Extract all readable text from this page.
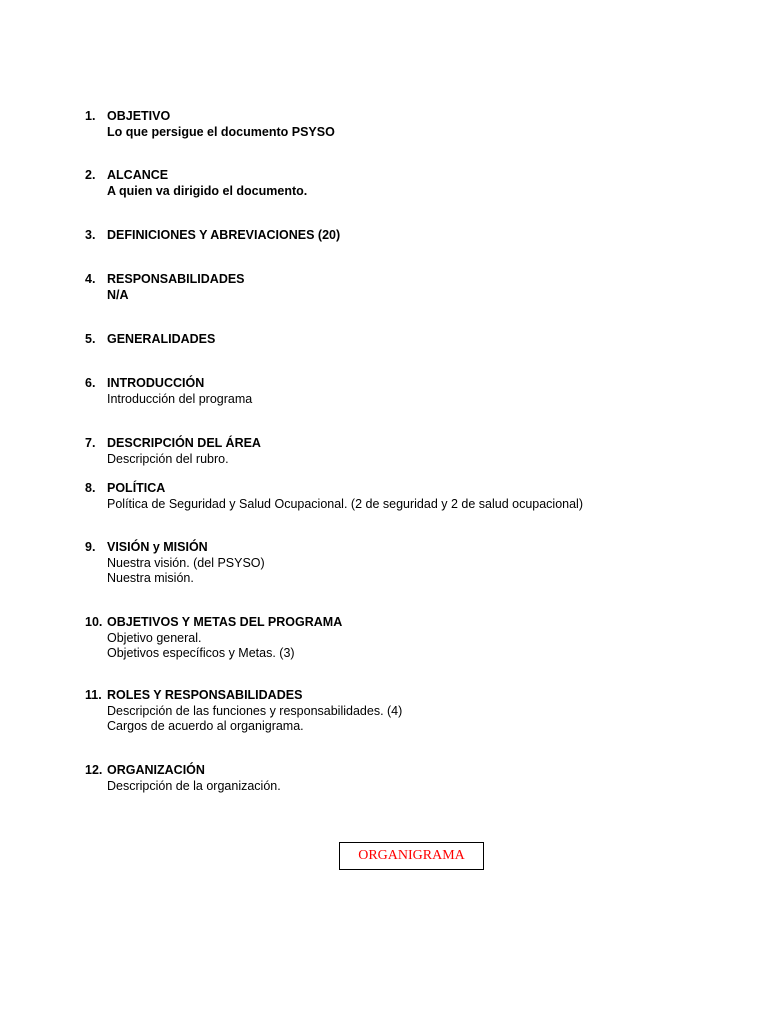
1. OBJETIVO
Lo que persigue el documento PSYSO
2. ALCANCE
A quien va dirigido el documento.
3. DEFINICIONES Y ABREVIACIONES (20)
4. RESPONSABILIDADES
N/A
5. GENERALIDADES
6. INTRODUCCIÓN
Introducción del programa
7. DESCRIPCIÓN DEL ÁREA
Descripción del rubro.
8. POLÍTICA
Política de Seguridad y Salud Ocupacional. (2 de seguridad y 2 de salud ocupacional)
9. VISIÓN y MISIÓN
Nuestra visión. (del PSYSO)
Nuestra misión.
10. OBJETIVOS Y METAS DEL PROGRAMA
Objetivo general.
Objetivos específicos y Metas. (3)
11. ROLES Y RESPONSABILIDADES
Descripción de las funciones y responsabilidades. (4)
Cargos de acuerdo al organigrama.
12. ORGANIZACIÓN
Descripción de la organización.
ORGANIGRAMA
